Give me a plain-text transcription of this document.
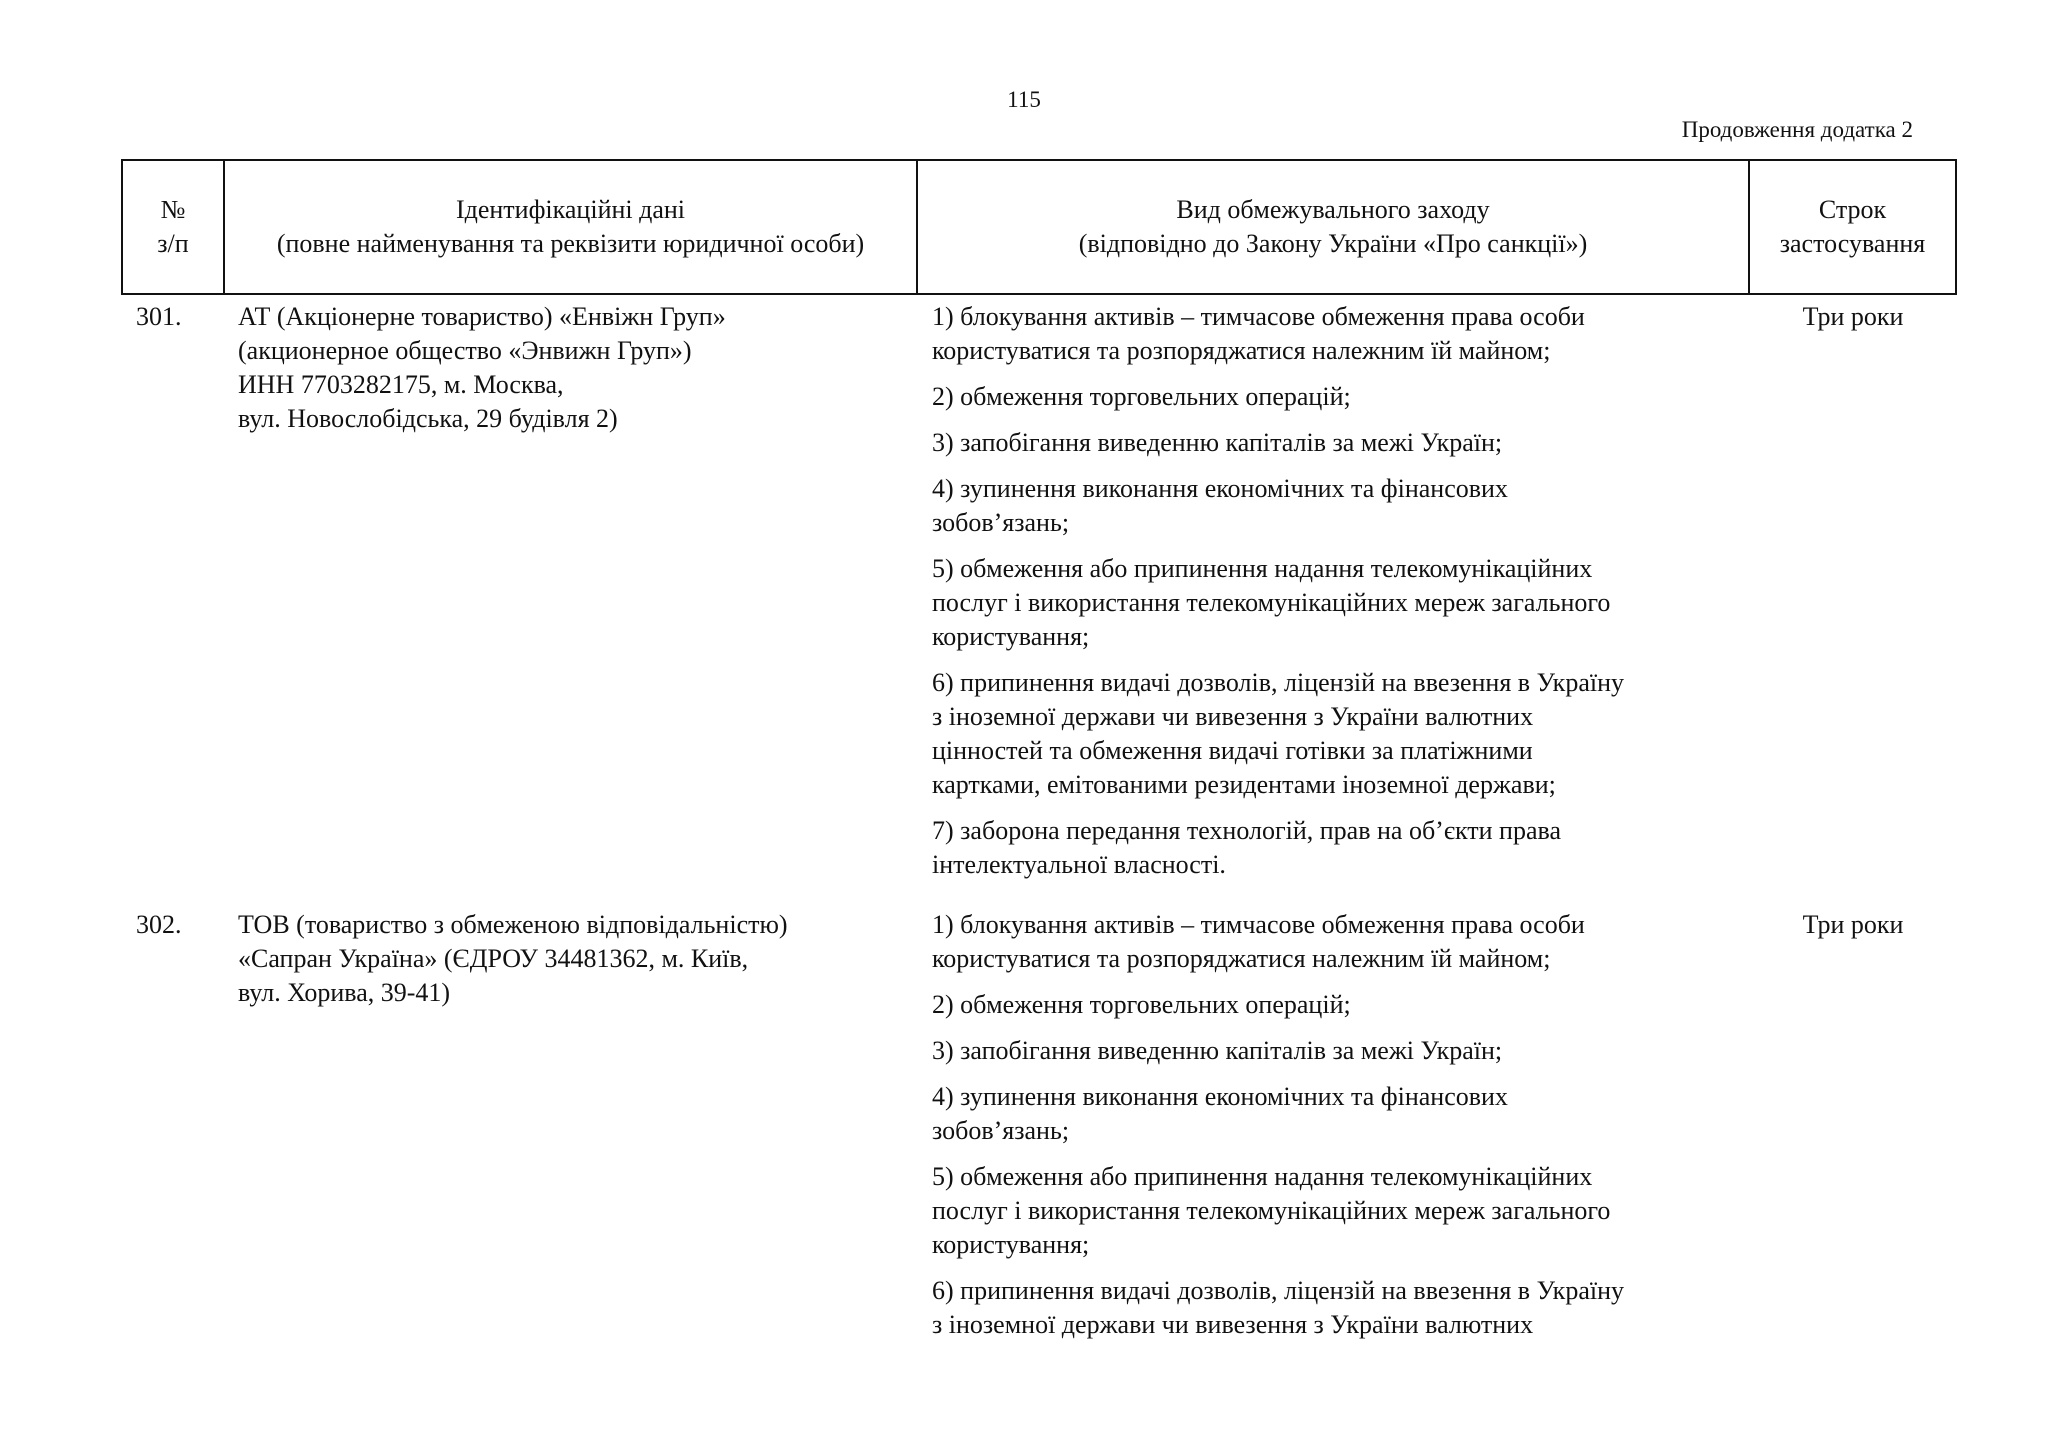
115
Продовження додатка 2
№
з/п
Ідентифікаційні дані
(повне найменування та реквізити юридичної особи)
Вид обмежувального заходу
(відповідно до Закону України «Про санкції»)
Строк
застосування
301. АТ (Акціонерне товариство) «Енвіжн Груп»
(акционерное общество «Энвижн Груп»)
ИНН 7703282175, м. Москва,
вул. Новослобідська, 29 будівля 2)
1) блокування активів – тимчасове обмеження права особи
користуватися та розпоряджатися належним їй майном;
2) обмеження торговельних операцій;
3) запобігання виведенню капіталів за межі Україн;
4) зупинення виконання економічних та фінансових
зобов’язань;
5) обмеження або припинення надання телекомунікаційних
послуг і використання телекомунікаційних мереж загального
користування;
6) припинення видачі дозволів, ліцензій на ввезення в Україну
з іноземної держави чи вивезення з України валютних
цінностей та обмеження видачі готівки за платіжними
картками, емітованими резидентами іноземної держави;
7) заборона передання технологій, прав на об’єкти права
інтелектуальної власності.
Три роки
302. ТОВ (товариство з обмеженою відповідальністю)
«Сапран Україна» (ЄДРОУ 34481362, м. Київ,
вул. Хорива, 39-41)
1) блокування активів – тимчасове обмеження права особи
користуватися та розпоряджатися належним їй майном;
2) обмеження торговельних операцій;
3) запобігання виведенню капіталів за межі Україн;
4) зупинення виконання економічних та фінансових
зобов’язань;
5) обмеження або припинення надання телекомунікаційних
послуг і використання телекомунікаційних мереж загального
користування;
6) припинення видачі дозволів, ліцензій на ввезення в Україну
з іноземної держави чи вивезення з України валютних
Три роки
